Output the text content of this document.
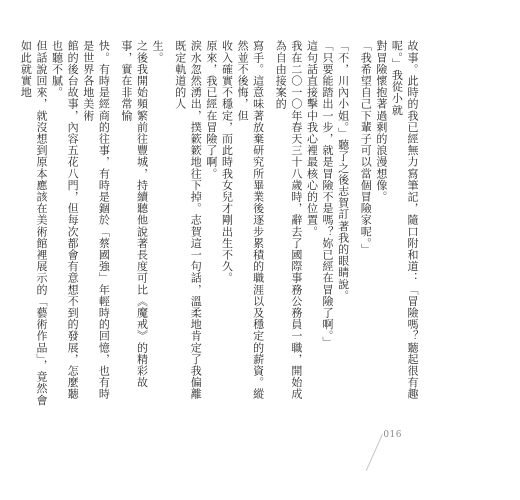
故事。此時的我已經無力寫筆記，隨口附和道：「冒險嗎？聽起很有趣呢。」我從小就

對冒險懷抱著過剩的浪漫想像。

「我希望自己下輩子可以當個冒險家呢。」

「不，川內小姐。」聽了之後志賀訂著我的眼睛說。

「只要能踏出一步，就是冒險不是嗎？妳已經在冒險了啊。」

這句話直接擊中我心裡最核心的位置。

我在二〇一〇年春天三十八歲時，辭去了國際事務公務員一職，開始成為自由接案的

寫手。這意味著放棄研究所畢業後逐步累積的職涯以及穩定的薪資。縱然並不後悔，但

收入確實不穩定，而此時我女兒才剛出生不久。

原來，我已經在冒險了啊。

淚水忽然湧出，撲簌簌地往下掉。志賀這一句話，溫柔地肯定了我偏離既定軌道的人

生。

之後我開始頻繁前往豐城，持續聽他說著長度可比《魔戒》的精彩故事，實在非常愉

快。有時是經商的往事，有時是錮於「蔡國強」年輕時的回憶，也有時是世界各地美術

館的後台故事，內容五花八門，但每次都會有意想不到的發展，怎麼聽也聽不膩。

但話說回來，就沒想到原本應該在美術館裡展示的「藝術作品」，竟然會如此就實地

016
